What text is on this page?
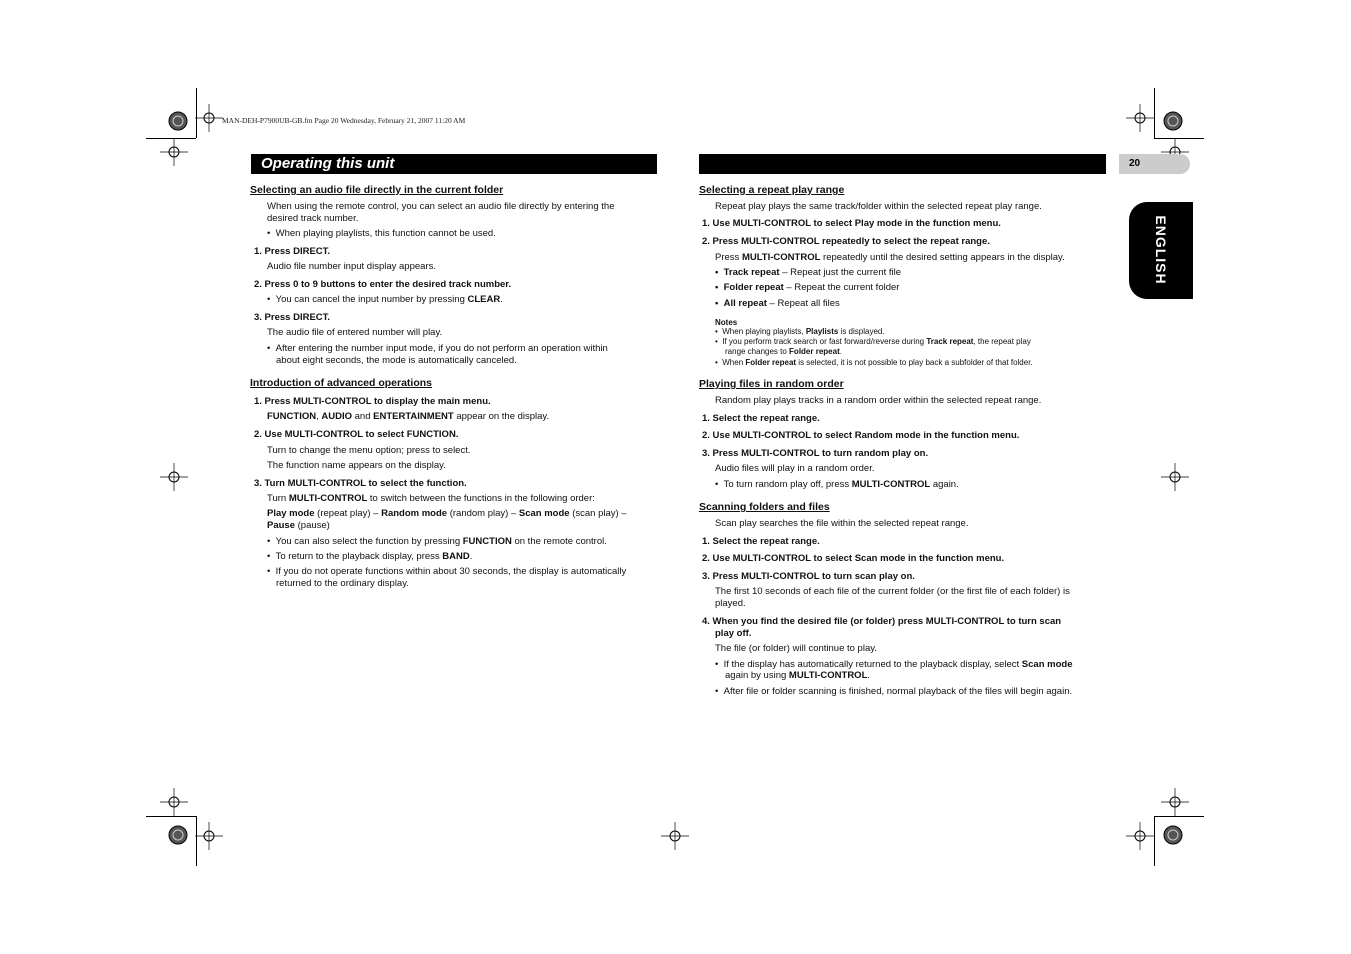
MAN-DEH-P7900UB-GB.fm Page 20 Wednesday, February 21, 2007 11:20 AM
Operating this unit	20
ENGLISH
Selecting an audio file directly in the current folder
When using the remote control, you can select an audio file directly by entering the
desired track number.
•  When playing playlists, this function cannot be used.
1. Press DIRECT.
Audio file number input display appears.
2. Press 0 to 9 buttons to enter the desired track number.
•  You can cancel the input number by pressing CLEAR.
3. Press DIRECT.
The audio file of entered number will play.
•  After entering the number input mode, if you do not perform an operation within
about eight seconds, the mode is automatically canceled.
Introduction of advanced operations
1. Press MULTI-CONTROL to display the main menu.
FUNCTION, AUDIO and ENTERTAINMENT appear on the display.
2. Use MULTI-CONTROL to select FUNCTION.
Turn to change the menu option; press to select.
The function name appears on the display.
3. Turn MULTI-CONTROL to select the function.
Turn MULTI-CONTROL to switch between the functions in the following order:
Play mode (repeat play) – Random mode (random play) – Scan mode (scan play) –
Pause (pause)
•  You can also select the function by pressing FUNCTION on the remote control.
•  To return to the playback display, press BAND.
•  If you do not operate functions within about 30 seconds, the display is automatically
returned to the ordinary display.
Selecting a repeat play range
Repeat play plays the same track/folder within the selected repeat play range.
1. Use MULTI-CONTROL to select Play mode in the function menu.
2. Press MULTI-CONTROL repeatedly to select the repeat range.
Press MULTI-CONTROL repeatedly until the desired setting appears in the display.
•  Track repeat – Repeat just the current file
•  Folder repeat – Repeat the current folder
•  All repeat – Repeat all files
Notes
•  When playing playlists, Playlists is displayed.
•  If you perform track search or fast forward/reverse during Track repeat, the repeat play
range changes to Folder repeat.
•  When Folder repeat is selected, it is not possible to play back a subfolder of that folder.
Playing files in random order
Random play plays tracks in a random order within the selected repeat range.
1. Select the repeat range.
2. Use MULTI-CONTROL to select Random mode in the function menu.
3. Press MULTI-CONTROL to turn random play on.
Audio files will play in a random order.
•  To turn random play off, press MULTI-CONTROL again.
Scanning folders and files
Scan play searches the file within the selected repeat range.
1. Select the repeat range.
2. Use MULTI-CONTROL to select Scan mode in the function menu.
3. Press MULTI-CONTROL to turn scan play on.
The first 10 seconds of each file of the current folder (or the first file of each folder) is
played.
4. When you find the desired file (or folder) press MULTI-CONTROL to turn scan
play off.
The file (or folder) will continue to play.
•  If the display has automatically returned to the playback display, select Scan mode
again by using MULTI-CONTROL.
•  After file or folder scanning is finished, normal playback of the files will begin again.
